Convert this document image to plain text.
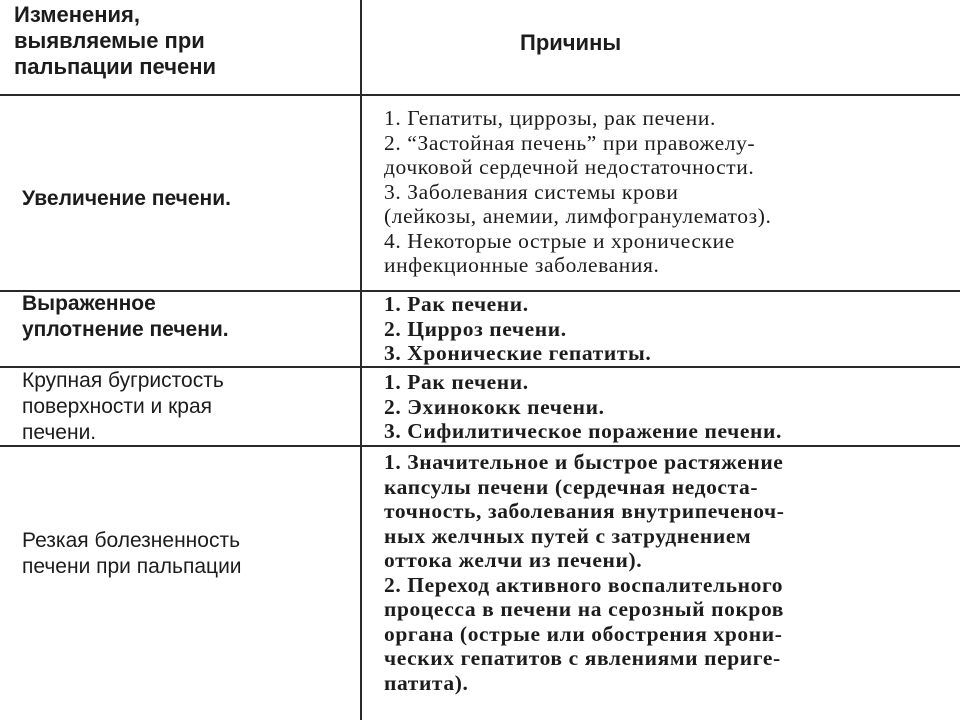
Изменения,
выявляемые при
пальпации печени
Причины
Увеличение печени.
1. Гепатиты, циррозы, рак печени.
2. “Застойная печень” при правожелу-
дочковой сердечной недостаточности.
3. Заболевания системы крови
(лейкозы, анемии, лимфогранулематоз).
4. Некоторые острые и хронические
инфекционные заболевания.
Выраженное
уплотнение печени.
1. Рак печени.
2. Цирроз печени.
3. Хронические гепатиты.
Крупная бугристость
поверхности и края
печени.
1. Рак печени.
2. Эхинококк печени.
3. Сифилитическое поражение печени.
Резкая болезненность
печени при пальпации
1. Значительное и быстрое растяжение
капсулы печени (сердечная недоста-
точность, заболевания внутрипеченоч-
ных желчных путей с затруднением
оттока желчи из печени).
2. Переход активного воспалительного
процесса в печени на серозный покров
органа (острые или обострения хрони-
ческих гепатитов с явлениями периге-
патита).
